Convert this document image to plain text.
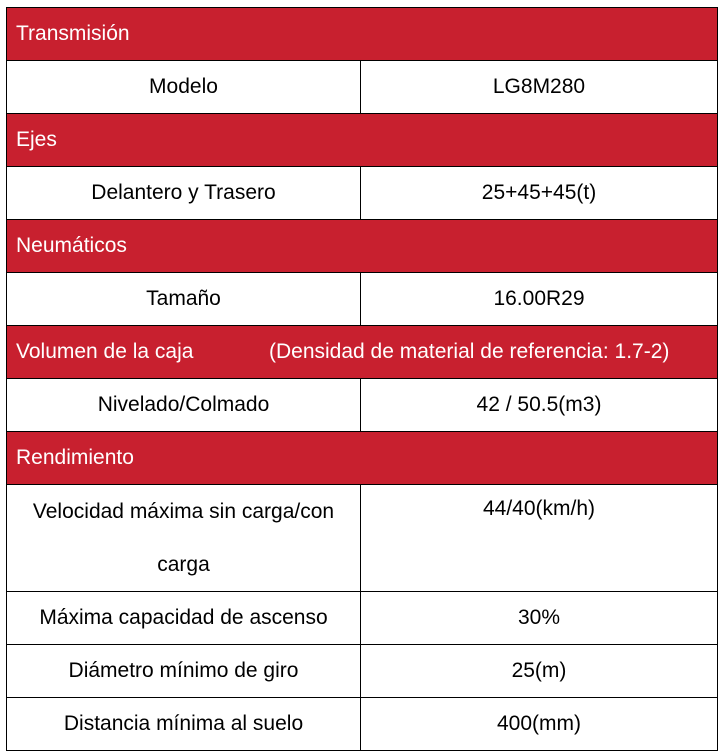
Transmisión	
Modelo	LG8M280
Ejes	
Delantero y Trasero	25+45+45(t)
Neumáticos	
Tamaño	16.00R29
Volumen de la caja (Densidad de material de referencia: 1.7-2)	

Nivelado/Colmado	42 / 50.5(m3)
Rendimiento	
Velocidad máxima sin carga/con carga	44/40(km/h)
Máxima capacidad de ascenso	30%
Diámetro mínimo de giro	25(m)
Distancia mínima al suelo	400(mm)
